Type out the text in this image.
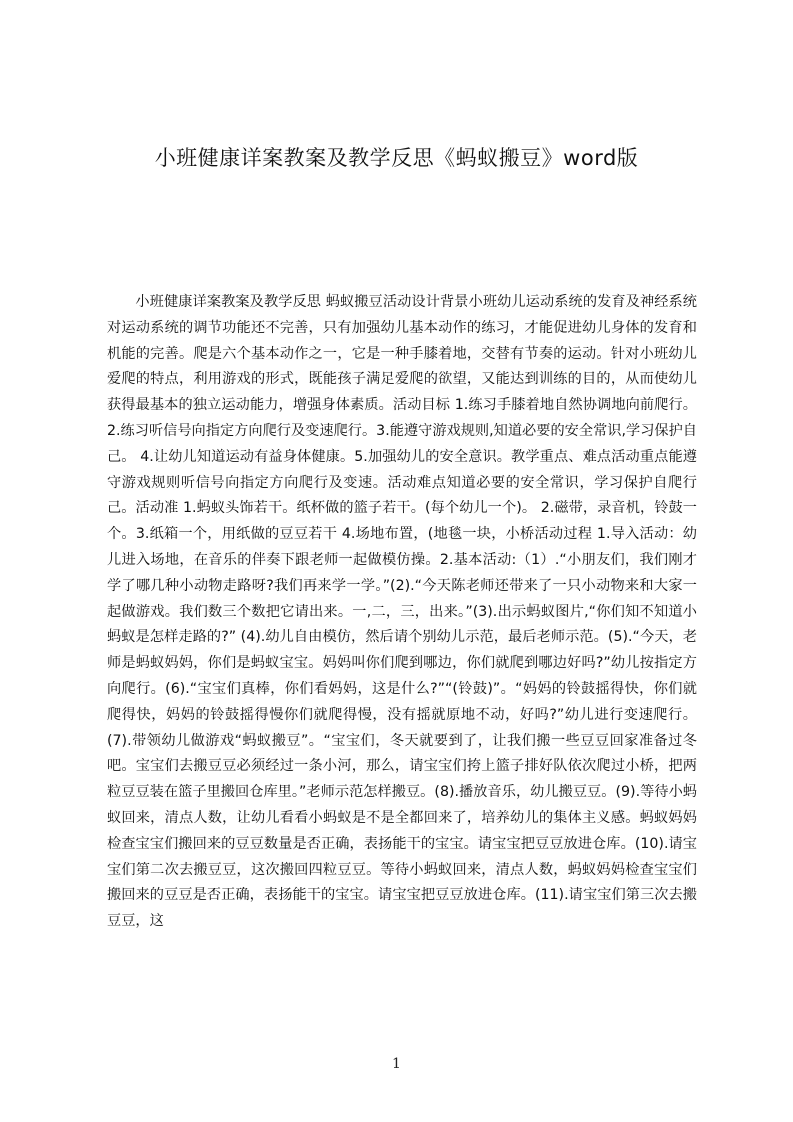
小班健康详案教案及教学反思《蚂蚁搬豆》word版

小班健康详案教案及教学反思 蚂蚁搬豆活动设计背景小班幼儿运动系统的发育及神经系统对运动系统的调节功能还不完善，只有加强幼儿基本动作的练习，才能促进幼儿身体的发育和机能的完善。爬是六个基本动作之一，它是一种手膝着地，交替有节奏的运动。针对小班幼儿爱爬的特点，利用游戏的形式，既能孩子满足爱爬的欲望，又能达到训练的目的，从而使幼儿获得最基本的独立运动能力，增强身体素质。活动目标 1.练习手膝着地自然协调地向前爬行。2.练习听信号向指定方向爬行及变速爬行。3.能遵守游戏规则,知道必要的安全常识,学习保护自己。 4.让幼儿知道运动有益身体健康。5.加强幼儿的安全意识。教学重点、难点活动重点能遵守游戏规则听信号向指定方向爬行及变速。活动难点知道必要的安全常识，学习保护自爬行己。活动准 1.蚂蚁头饰若干。纸杯做的篮子若干。(每个幼儿一个)。 2.磁带，录音机，铃鼓一个。3.纸箱一个，用纸做的豆豆若干 4.场地布置，(地毯一块，小桥活动过程 1.导入活动：幼儿进入场地，在音乐的伴奏下跟老师一起做模仿操。2.基本活动:（1）.“小朋友们，我们刚才学了哪几种小动物走路呀?我们再来学一学。”(2).“今天陈老师还带来了一只小动物来和大家一起做游戏。我们数三个数把它请出来。一,二，三，出来。”(3).出示蚂蚁图片,“你们知不知道小蚂蚁是怎样走路的?” (4).幼儿自由模仿，然后请个别幼儿示范，最后老师示范。(5).“今天，老师是蚂蚁妈妈，你们是蚂蚁宝宝。妈妈叫你们爬到哪边，你们就爬到哪边好吗?”幼儿按指定方向爬行。(6).“宝宝们真棒，你们看妈妈，这是什么?”“(铃鼓)”。“妈妈的铃鼓摇得快，你们就爬得快，妈妈的铃鼓摇得慢你们就爬得慢，没有摇就原地不动，好吗?”幼儿进行变速爬行。(7).带领幼儿做游戏“蚂蚁搬豆”。“宝宝们，冬天就要到了，让我们搬一些豆豆回家准备过冬吧。宝宝们去搬豆豆必须经过一条小河，那么，请宝宝们挎上篮子排好队依次爬过小桥，把两粒豆豆装在篮子里搬回仓库里。”老师示范怎样搬豆。(8).播放音乐，幼儿搬豆豆。(9).等待小蚂蚁回来，清点人数，让幼儿看看小蚂蚁是不是全都回来了，培养幼儿的集体主义感。蚂蚁妈妈检查宝宝们搬回来的豆豆数量是否正确，表扬能干的宝宝。请宝宝把豆豆放进仓库。(10).请宝宝们第二次去搬豆豆，这次搬回四粒豆豆。等待小蚂蚁回来，清点人数，蚂蚁妈妈检查宝宝们搬回来的豆豆是否正确，表扬能干的宝宝。请宝宝把豆豆放进仓库。(11).请宝宝们第三次去搬豆豆，这

1
